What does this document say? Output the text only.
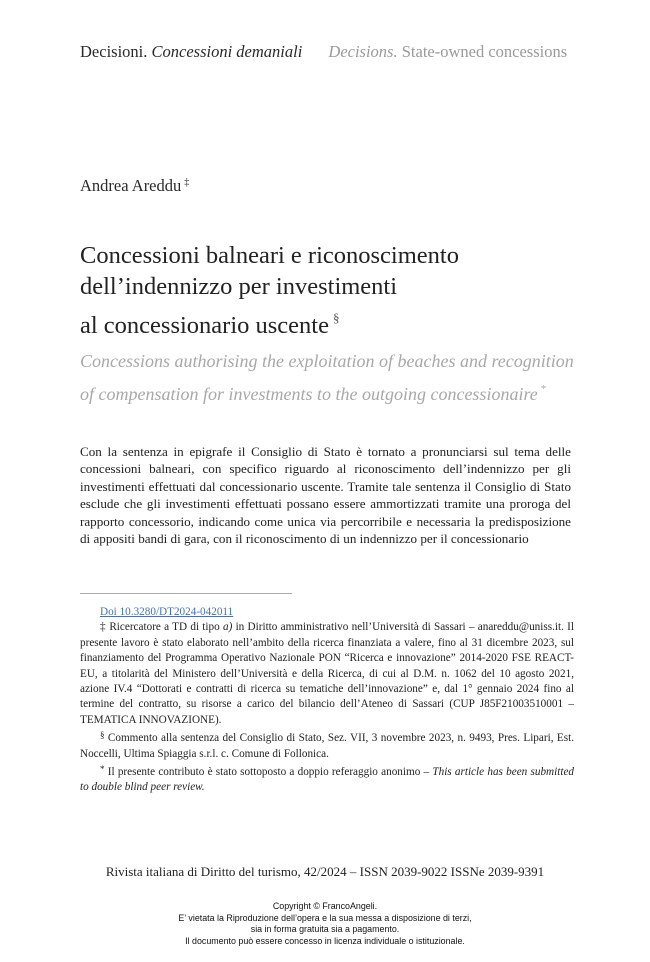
Decisioni. Concessioni demaniali Decisions. State-owned concessions
Andrea Areddu ‡
Concessioni balneari e riconoscimento
dell’indennizzo per investimenti
al concessionario uscente §
Concessions authorising the exploitation of beaches and recognition
of compensation for investments to the outgoing concessionaire *
Con la sentenza in epigrafe il Consiglio di Stato è tornato a pronunciarsi sul tema delle concessioni balneari, con specifico riguardo al riconoscimento dell’indennizzo per gli investimenti effettuati dal concessionario uscente. Tramite tale sentenza il Consiglio di Stato esclude che gli investimenti effettuati possano essere ammortizzati tramite una proroga del rapporto concessorio, indicando come unica via percorribile e necessaria la predisposizione di appositi bandi di gara, con il riconoscimento di un indennizzo per il concessionario
Doi 10.3280/DT2024-042011

‡ Ricercatore a TD di tipo a) in Diritto amministrativo nell’Università di Sassari – anareddu@uniss.it. Il presente lavoro è stato elaborato nell’ambito della ricerca finanziata a valere, fino al 31 dicembre 2023, sul finanziamento del Programma Operativo Nazionale PON “Ricerca e innovazione” 2014-2020 FSE REACT-EU, a titolarità del Ministero dell’Università e della Ricerca, di cui al D.M. n. 1062 del 10 agosto 2021, azione IV.4 “Dottorati e contratti di ricerca su tematiche dell’innovazione” e, dal 1° gennaio 2024 fino al termine del contratto, su risorse a carico del bilancio dell’Ateneo di Sassari (CUP J85F21003510001 – TEMATICA INNOVAZIONE).

§ Commento alla sentenza del Consiglio di Stato, Sez. VII, 3 novembre 2023, n. 9493, Pres. Lipari, Est. Noccelli, Ultima Spiaggia s.r.l. c. Comune di Follonica.

* Il presente contributo è stato sottoposto a doppio referaggio anonimo – This article has been submitted to double blind peer review.

Rivista italiana di Diritto del turismo, 42/2024 – ISSN 2039-9022 ISSNe 2039-9391
Copyright © FrancoAngeli.
E’ vietata la Riproduzione dell’opera e la sua messa a disposizione di terzi,
sia in forma gratuita sia a pagamento.
Il documento può essere concesso in licenza individuale o istituzionale.
